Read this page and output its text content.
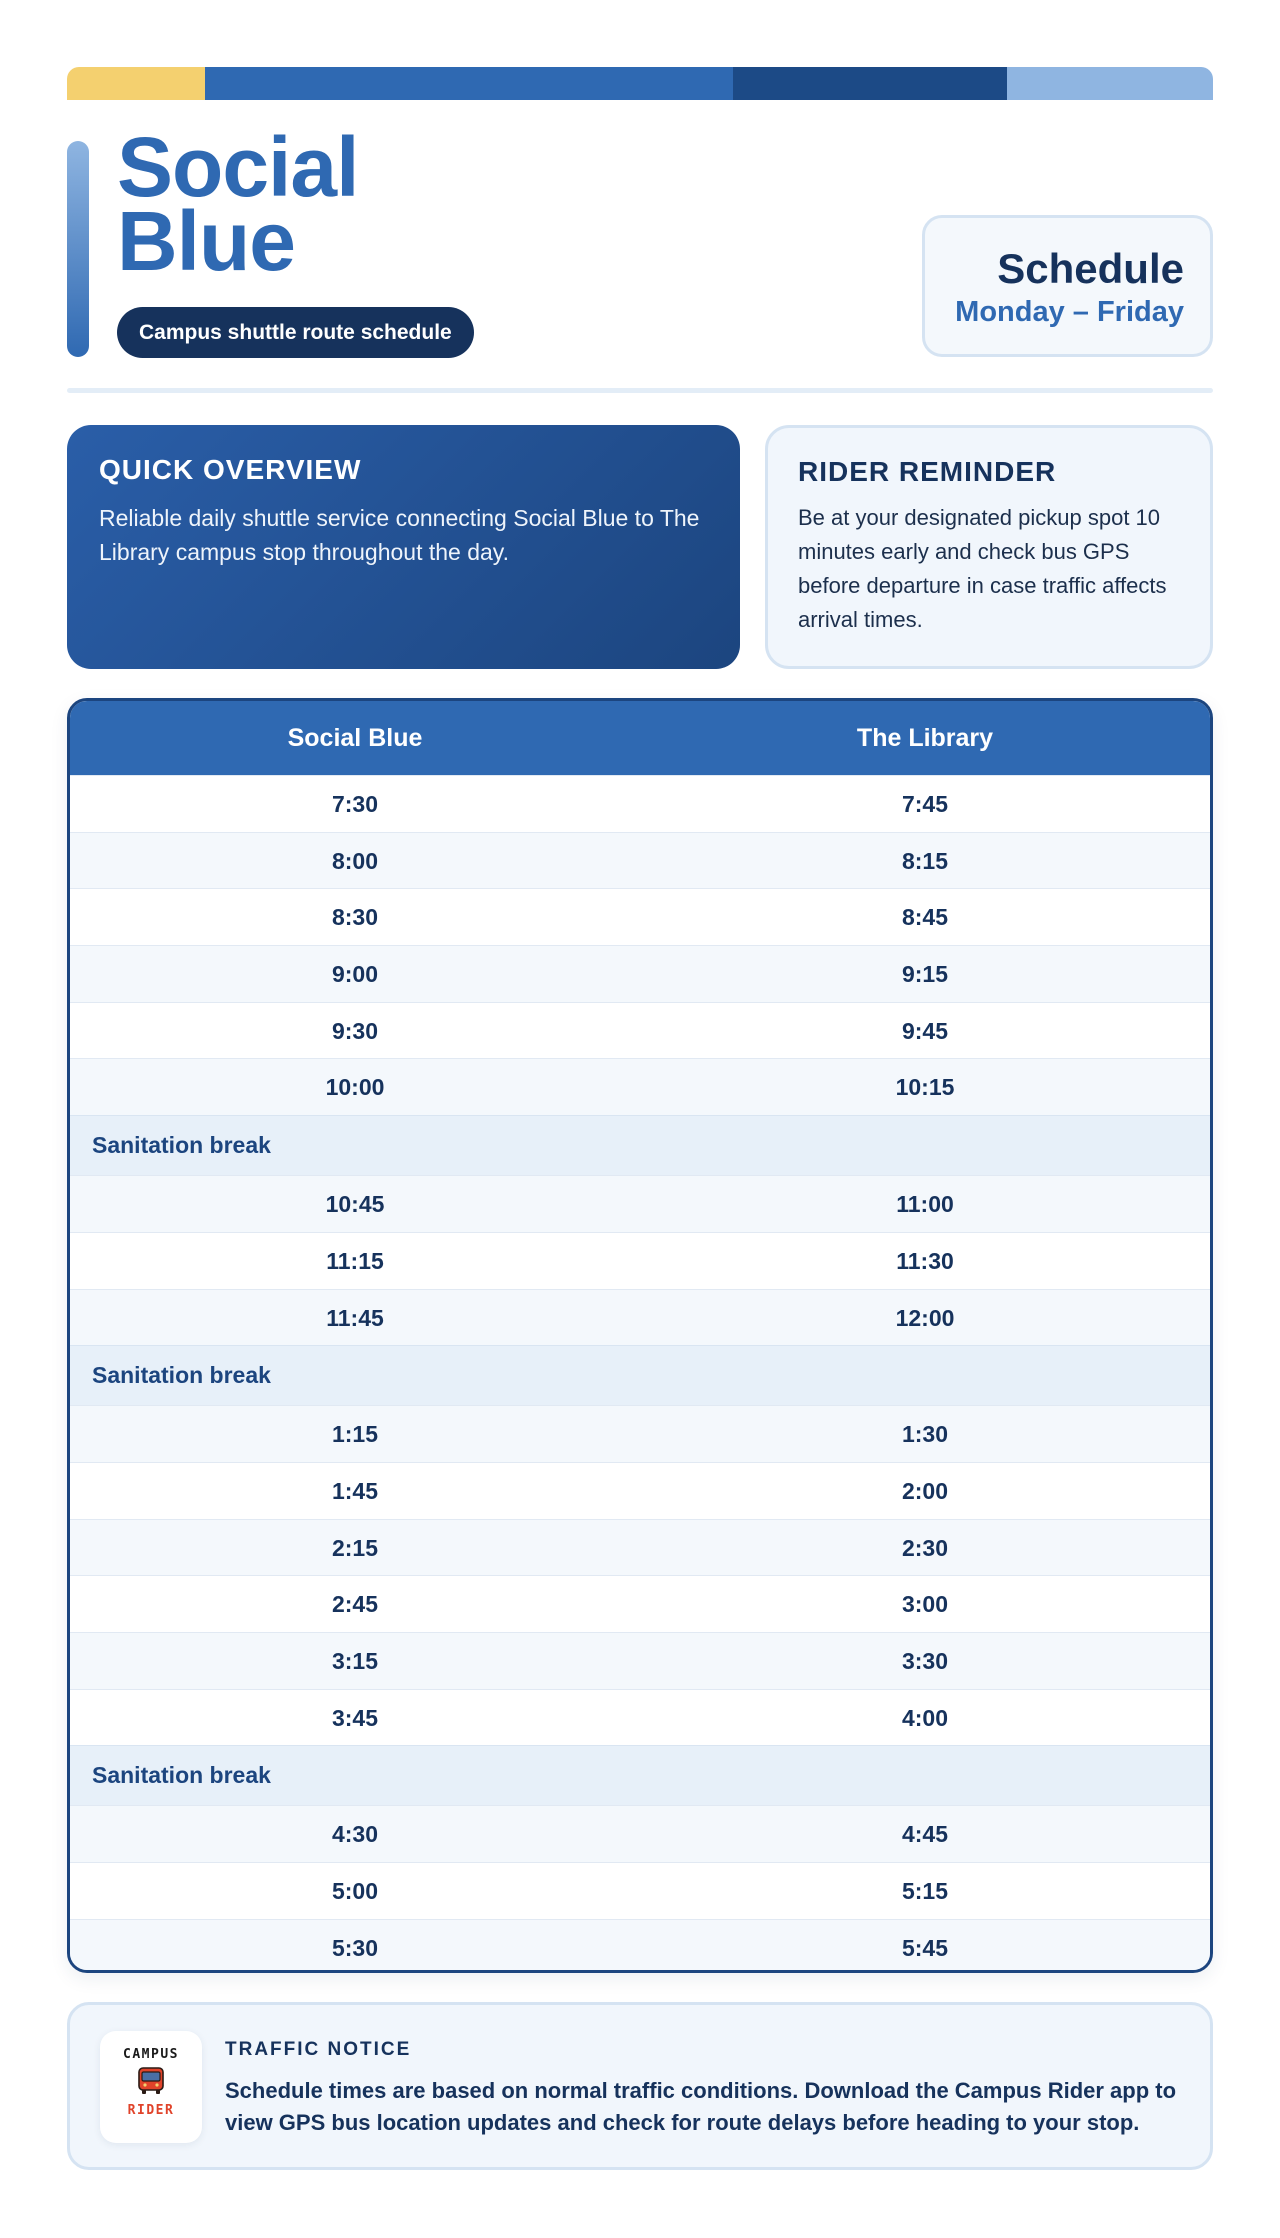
Social
Blue
Campus shuttle route schedule
Schedule
Monday – Friday
QUICK OVERVIEW
Reliable daily shuttle service connecting Social Blue to The Library campus stop throughout the day.
RIDER REMINDER
Be at your designated pickup spot 10 minutes early and check bus GPS before departure in case traffic affects arrival times.
Social Blue	The Library
7:30	7:45
8:00	8:15
8:30	8:45
9:00	9:15
9:30	9:45
10:00	10:15
Sanitation break
10:45	11:00
11:15	11:30
11:45	12:00
Sanitation break
1:15	1:30
1:45	2:00
2:15	2:30
2:45	3:00
3:15	3:30
3:45	4:00
Sanitation break
4:30	4:45
5:00	5:15
5:30	5:45
CAMPUS
RIDER
TRAFFIC NOTICE
Schedule times are based on normal traffic conditions. Download the Campus Rider app to view GPS bus location updates and check for route delays before heading to your stop.
